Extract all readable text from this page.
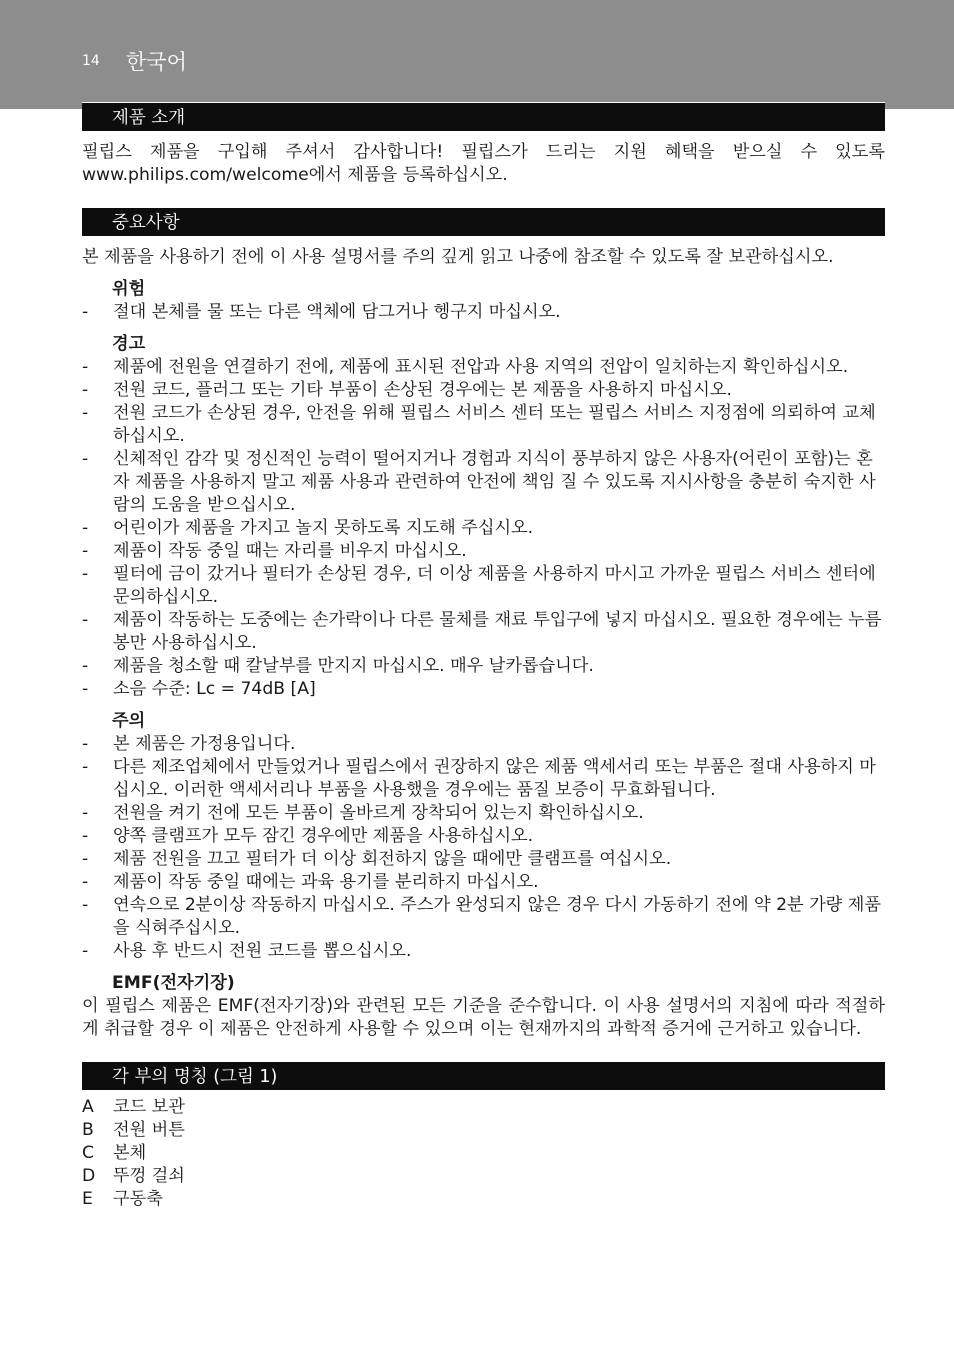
14 한국어
제품 소개

필립스 제품을 구입해 주셔서 감사합니다! 필립스가 드리는 지원 혜택을 받으실 수 있도록 www.philips.com/welcome에서 제품을 등록하십시오.

중요사항

본 제품을 사용하기 전에 이 사용 설명서를 주의 깊게 읽고 나중에 참조할 수 있도록 잘 보관하십시오.

위험

- 절대 본체를 물 또는 다른 액체에 담그거나 헹구지 마십시오.

경고

- 제품에 전원을 연결하기 전에, 제품에 표시된 전압과 사용 지역의 전압이 일치하는지 확인하십시오.
- 전원 코드, 플러그 또는 기타 부품이 손상된 경우에는 본 제품을 사용하지 마십시오.
- 전원 코드가 손상된 경우, 안전을 위해 필립스 서비스 센터 또는 필립스 서비스 지정점에 의뢰하여 교체하십시오.
- 신체적인 감각 및 정신적인 능력이 떨어지거나 경험과 지식이 풍부하지 않은 사용자(어린이 포함)는 혼자 제품을 사용하지 말고 제품 사용과 관련하여 안전에 책임 질 수 있도록 지시사항을 충분히 숙지한 사람의 도움을 받으십시오.
- 어린이가 제품을 가지고 놀지 못하도록 지도해 주십시오.
- 제품이 작동 중일 때는 자리를 비우지 마십시오.
- 필터에 금이 갔거나 필터가 손상된 경우, 더 이상 제품을 사용하지 마시고 가까운 필립스 서비스 센터에 문의하십시오.
- 제품이 작동하는 도중에는 손가락이나 다른 물체를 재료 투입구에 넣지 마십시오. 필요한 경우에는 누름봉만 사용하십시오.
- 제품을 청소할 때 칼날부를 만지지 마십시오. 매우 날카롭습니다.
- 소음 수준: Lc = 74dB [A]

주의

- 본 제품은 가정용입니다.
- 다른 제조업체에서 만들었거나 필립스에서 권장하지 않은 제품 액세서리 또는 부품은 절대 사용하지 마십시오. 이러한 액세서리나 부품을 사용했을 경우에는 품질 보증이 무효화됩니다.
- 전원을 켜기 전에 모든 부품이 올바르게 장착되어 있는지 확인하십시오.
- 양쪽 클램프가 모두 잠긴 경우에만 제품을 사용하십시오.
- 제품 전원을 끄고 필터가 더 이상 회전하지 않을 때에만 클램프를 여십시오.
- 제품이 작동 중일 때에는 과육 용기를 분리하지 마십시오.
- 연속으로 2분이상 작동하지 마십시오. 주스가 완성되지 않은 경우 다시 가동하기 전에 약 2분 가량 제품을 식혀주십시오.
- 사용 후 반드시 전원 코드를 뽑으십시오.

EMF(전자기장)

이 필립스 제품은 EMF(전자기장)와 관련된 모든 기준을 준수합니다. 이 사용 설명서의 지침에 따라 적절하게 취급할 경우 이 제품은 안전하게 사용할 수 있으며 이는 현재까지의 과학적 증거에 근거하고 있습니다.

각 부의 명칭 (그림 1)
A 코드 보관
B 전원 버튼
C 본체
D 뚜껑 걸쇠
E 구동축
